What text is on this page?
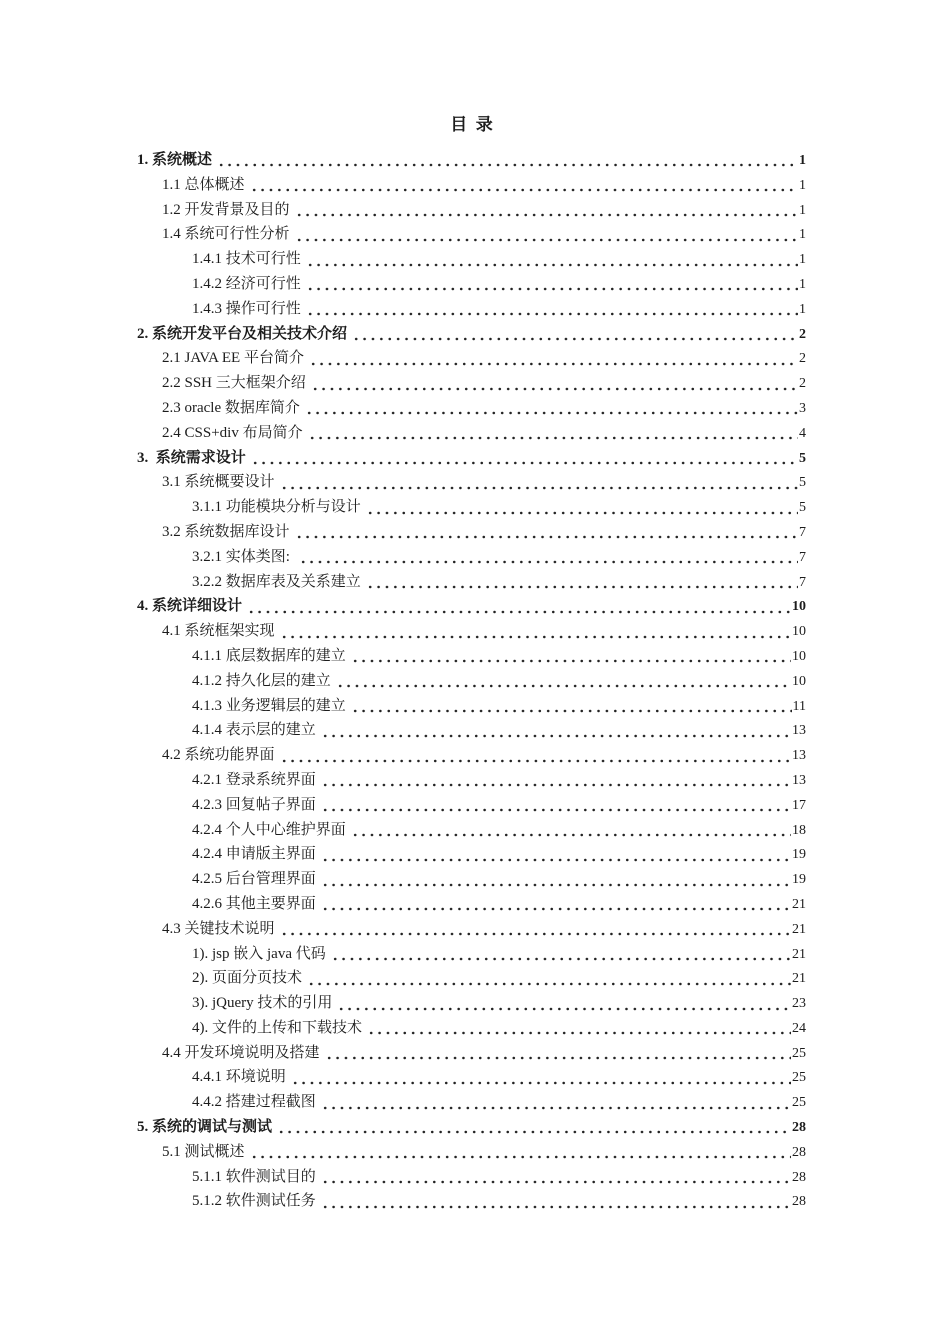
目  录
1. 系统概述	1
1.1 总体概述	1
1.2 开发背景及目的	1
1.4 系统可行性分析	1
1.4.1 技术可行性	1
1.4.2 经济可行性	1
1.4.3 操作可行性	1
2. 系统开发平台及相关技术介绍	2
2.1 JAVA EE 平台简介	2
2.2 SSH 三大框架介绍	2
2.3 oracle 数据库简介	3
2.4 CSS+div 布局简介	4
3.  系统需求设计	5
3.1 系统概要设计	5
3.1.1 功能模块分析与设计	5
3.2 系统数据库设计	7
3.2.1 实体类图:	7
3.2.2 数据库表及关系建立	7
4. 系统详细设计	10
4.1 系统框架实现	10
4.1.1 底层数据库的建立	10
4.1.2 持久化层的建立	10
4.1.3 业务逻辑层的建立	11
4.1.4 表示层的建立	13
4.2 系统功能界面	13
4.2.1 登录系统界面	13
4.2.3 回复帖子界面	17
4.2.4 个人中心维护界面	18
4.2.4 申请版主界面	19
4.2.5 后台管理界面	19
4.2.6 其他主要界面	21
4.3 关键技术说明	21
1). jsp 嵌入 java 代码	21
2). 页面分页技术	21
3). jQuery 技术的引用	23
4). 文件的上传和下载技术	24
4.4 开发环境说明及搭建	25
4.4.1 环境说明	25
4.4.2 搭建过程截图	25
5. 系统的调试与测试	28
5.1 测试概述	28
5.1.1 软件测试目的	28
5.1.2 软件测试任务	28
